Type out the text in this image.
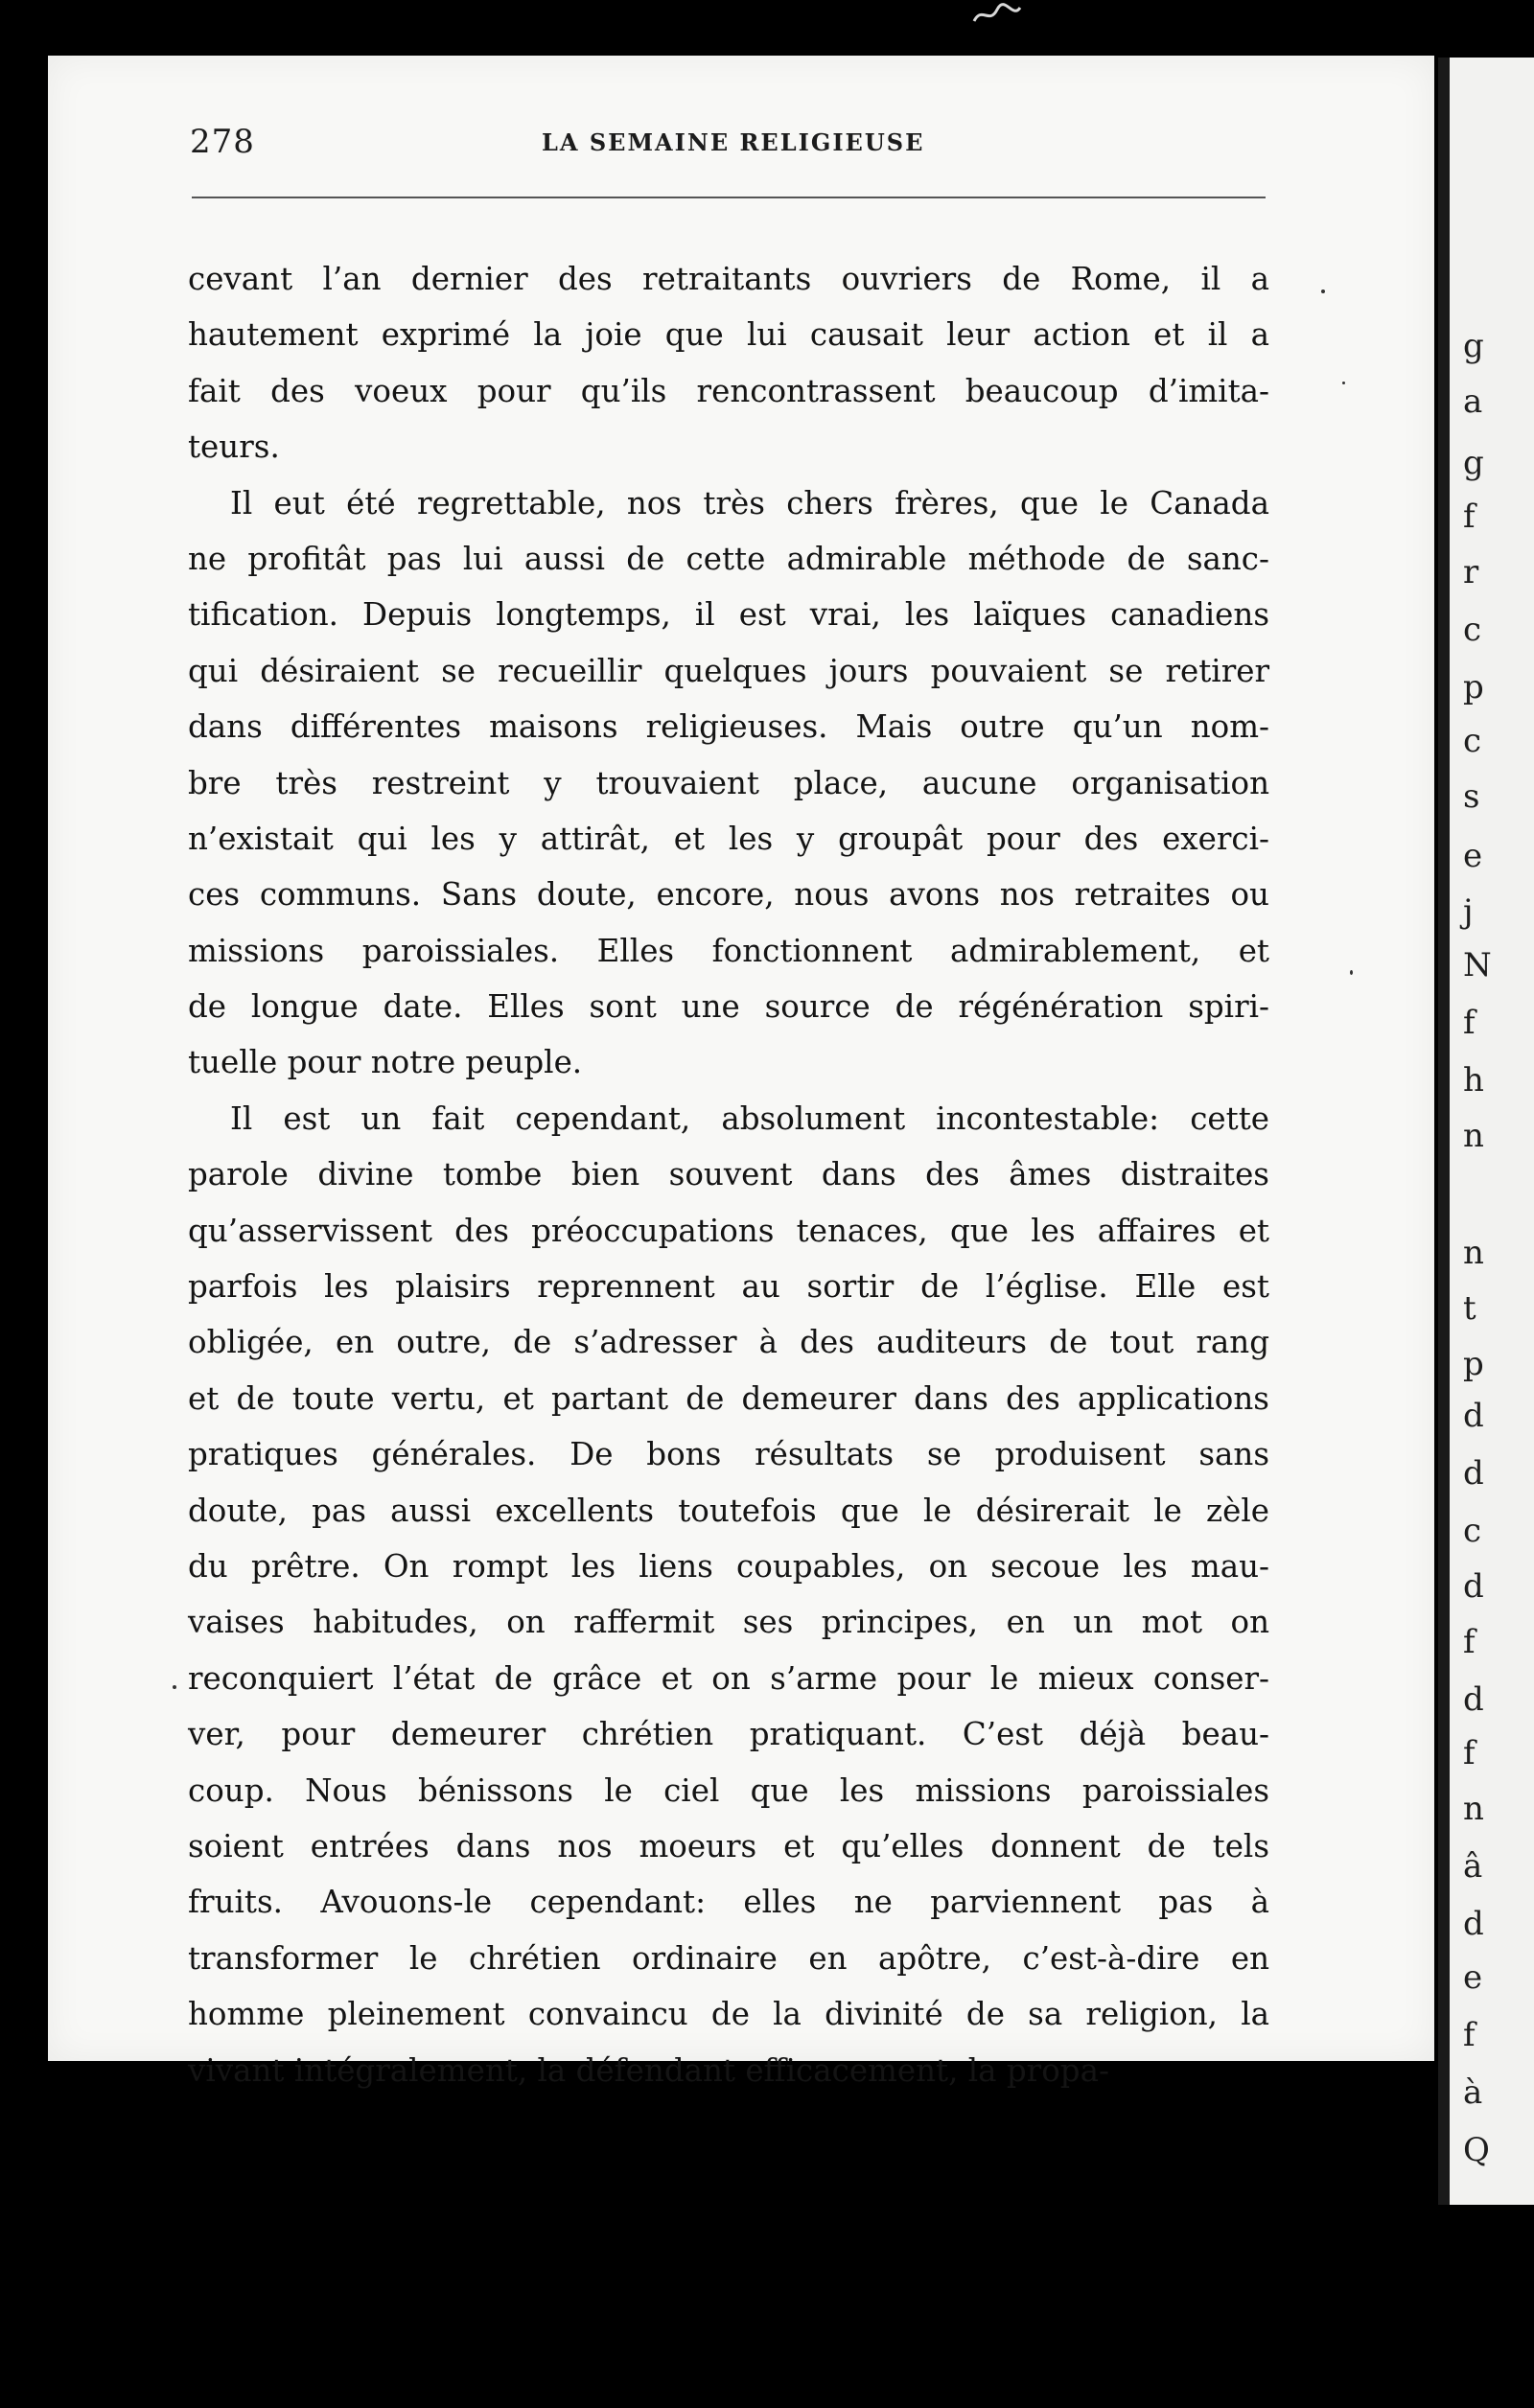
g
a
g
f
r
c
p
c
s
e
j
N
f
h
n
n
t
p
d
d
c
d
f
d
f
n
â
d
e
f
à
Q
278	LA SEMAINE RELIGIEUSE
cevant l’an dernier des retraitants ouvriers de Rome, il a
hautement exprimé la joie que lui causait leur action et il a
fait des voeux pour qu’ils rencontrassent beaucoup d’imita-
teurs.
Il eut été regrettable, nos très chers frères, que le Canada
ne profitât pas lui aussi de cette admirable méthode de sanc-
tification. Depuis longtemps, il est vrai, les laïques canadiens
qui désiraient se recueillir quelques jours pouvaient se retirer
dans différentes maisons religieuses. Mais outre qu’un nom-
bre très restreint y trouvaient place, aucune organisation
n’existait qui les y attirât, et les y groupât pour des exerci-
ces communs. Sans doute, encore, nous avons nos retraites ou
missions paroissiales. Elles fonctionnent admirablement, et
de longue date. Elles sont une source de régénération spiri-
tuelle pour notre peuple.
Il est un fait cependant, absolument incontestable: cette
parole divine tombe bien souvent dans des âmes distraites
qu’asservissent des préoccupations tenaces, que les affaires et
parfois les plaisirs reprennent au sortir de l’église. Elle est
obligée, en outre, de s’adresser à des auditeurs de tout rang
et de toute vertu, et partant de demeurer dans des applications
pratiques générales. De bons résultats se produisent sans
doute, pas aussi excellents toutefois que le désirerait le zèle
du prêtre. On rompt les liens coupables, on secoue les mau-
vaises habitudes, on raffermit ses principes, en un mot on
reconquiert l’état de grâce et on s’arme pour le mieux conser-
ver, pour demeurer chrétien pratiquant. C’est déjà beau-
coup. Nous bénissons le ciel que les missions paroissiales
soient entrées dans nos moeurs et qu’elles donnent de tels
fruits. Avouons-le cependant: elles ne parviennent pas à
transformer le chrétien ordinaire en apôtre, c’est-à-dire en
homme pleinement convaincu de la divinité de sa religion, la
vivant intégralement, la défendant efficacement, la propa-
